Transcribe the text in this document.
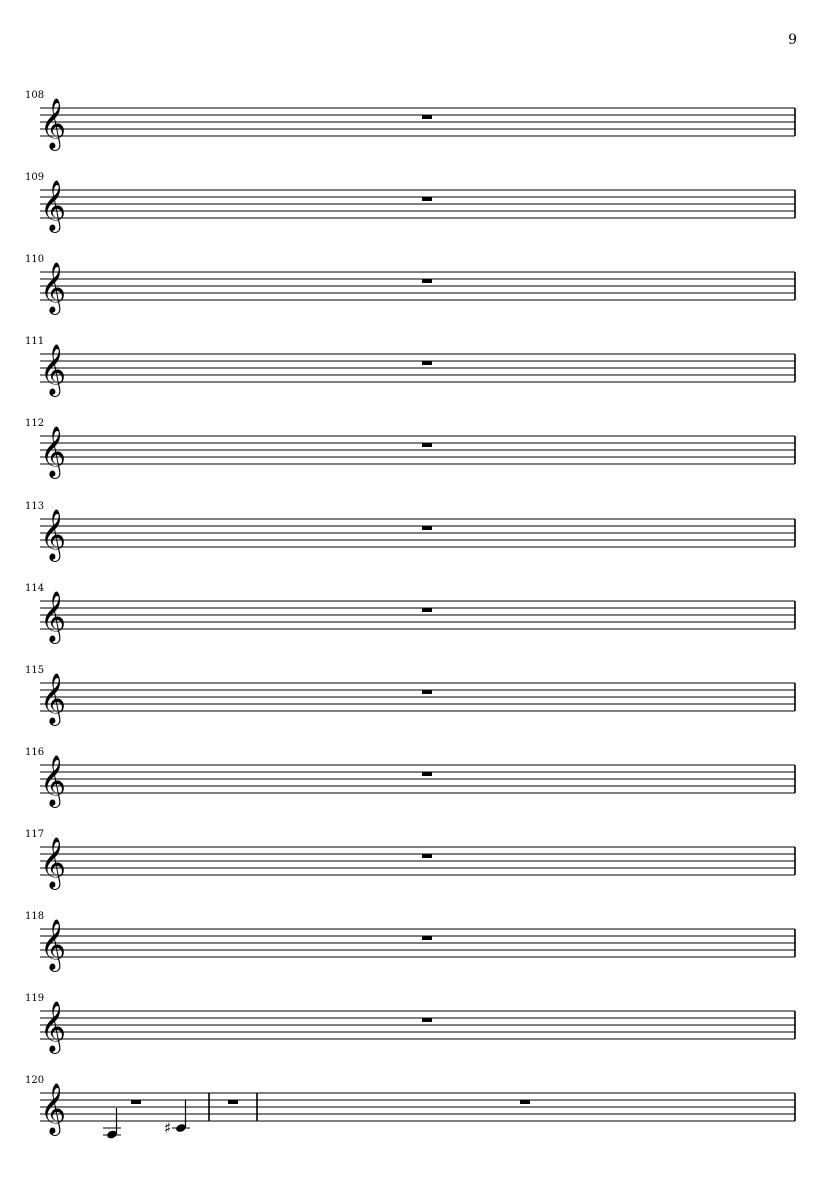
9
108
𝄞
109
𝄞
110
𝄞
111
𝄞
112
𝄞
113
𝄞
114
𝄞
115
𝄞
116
𝄞
117
𝄞
118
𝄞
119
𝄞
120
𝄞	♯
